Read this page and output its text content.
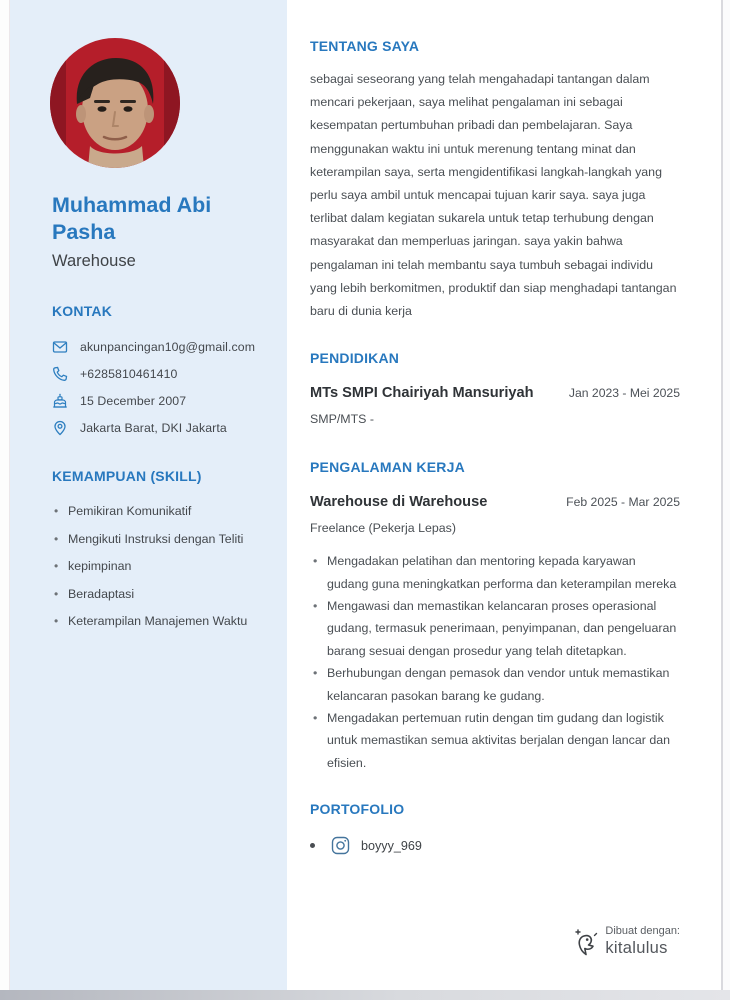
Muhammad Abi Pasha
Warehouse
KONTAK
akunpancingan10g@gmail.com
+6285810461410
15 December 2007
Jakarta Barat, DKI Jakarta
KEMAMPUAN (SKILL)
• Pemikiran Komunikatif
• Mengikuti Instruksi dengan Teliti
• kepimpinan
• Beradaptasi
• Keterampilan Manajemen Waktu
TENTANG SAYA

sebagai seseorang yang telah mengahadapi tantangan dalam mencari pekerjaan, saya melihat pengalaman ini sebagai kesempatan pertumbuhan pribadi dan pembelajaran. Saya menggunakan waktu ini untuk merenung tentang minat dan keterampilan saya, serta mengidentifikasi langkah-langkah yang perlu saya ambil untuk mencapai tujuan karir saya. saya juga terlibat dalam kegiatan sukarela untuk tetap terhubung dengan masyarakat dan memperluas jaringan. saya yakin bahwa pengalaman ini telah membantu saya tumbuh sebagai individu yang lebih berkomitmen, produktif dan siap menghadapi tantangan baru di dunia kerja

PENDIDIKAN
MTs SMPI Chairiyah Mansuriyah	Jan 2023 - Mei 2025
SMP/MTS -
PENGALAMAN KERJA
Warehouse di Warehouse	Feb 2025 - Mar 2025
Freelance (Pekerja Lepas)
• Mengadakan pelatihan dan mentoring kepada karyawan gudang guna meningkatkan performa dan keterampilan mereka
• Mengawasi dan memastikan kelancaran proses operasional gudang, termasuk penerimaan, penyimpanan, dan pengeluaran barang sesuai dengan prosedur yang telah ditetapkan.
• Berhubungan dengan pemasok dan vendor untuk memastikan kelancaran pasokan barang ke gudang.
• Mengadakan pertemuan rutin dengan tim gudang dan logistik untuk memastikan semua aktivitas berjalan dengan lancar dan efisien.
PORTOFOLIO
boyyy_969
Dibuat dengan:
kitalulus
